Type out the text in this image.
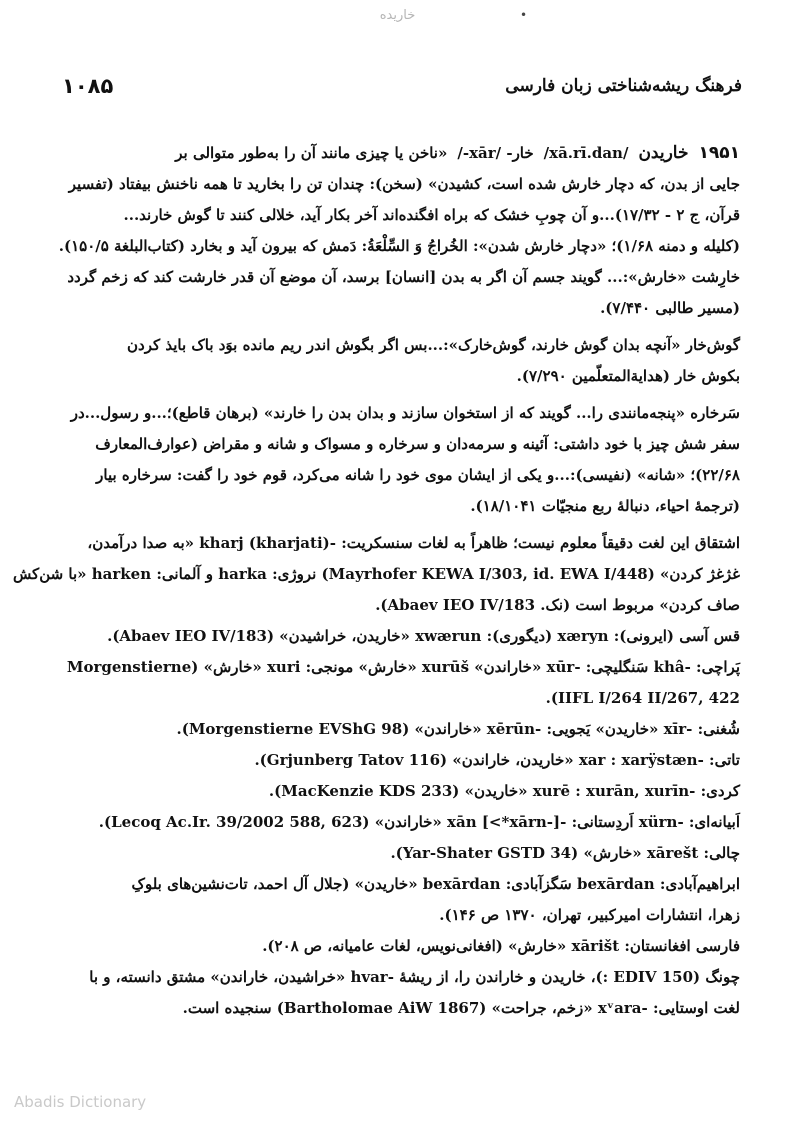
خاریده	•
۱۰۸۵	فرهنگ ریشه‌شناختی زبان فارسی
۱۹۵۱
خاریدن
/xā.rī.dan/
خار- /xār-/
«ناخن یا چیزی مانند آن را به‌طور متوالی بر
جایی از بدن، که دچار خارش شده است، کشیدن» (سخن): چندان تن را بخارید تا همه ناخنش بیفتاد (تفسیر
قرآن، ج ۲ - ۱۷/۳۲)...و آن چوبِ خشک که براه افگنده‌اند آخر بکار آید، خلالی کنند تا گوش خارند...
(کلیله و دمنه ۱/۶۸)؛ «دچار خارش شدن»: الخُراجُ وَ السِّلْعَةُ: دَمش که بیرون آید و بخارد (کتاب‌البلغة ۱۵۰/۵).
خارِشت «خارش»:... گویند جسم آن اگر به بدن [انسان] برسد، آن موضع آن قدر خارشت کند که زخم گردد
(مسیر طالبی ۷/۴۴۰).
گوش‌خار «آنچه بدان گوش خارند، گوش‌خارک»:...بس اگر بگوش اندر ریم مانده بوَد باک بایذ کردن
بکوش خار (هدایة‌المتعلّمین ۷/۲۹۰).
سَرخاره «پنجه‌مانندی را... گویند که از استخوان سازند و بدان بدن را خارند» (برهان قاطع)؛...و رسول...در
سفر شش چیز با خود داشتی: آئینه و سرمه‌دان و سرخاره و مسواک و شانه و مقراض (عوارف‌المعارف
۲۲/۶۸)؛ «شانه» (نفیسی):...و یکی از ایشان موی خود را شانه می‌کرد، قوم خود را گفت: سرخاره بیار
(ترجمهٔ احیاء، دنبالهٔ ربع منجیّات ۱۸/۱۰۴۱).
اشتقاق این لغت دقیقاً معلوم نیست؛ ظاهراً به لغات سنسکریت: -kharj (kharjati) «به صدا درآمدن،
غژغژ کردن» (Mayrhofer KEWA I/303, id. EWA I/448) نروژی: harka و آلمانی: harken «با شن‌کش
صاف کردن» مربوط است (نک. Abaev IEO IV/183).
قس آسی (ایرونی): xæryn (دیگوری): xwærun «خاریدن، خراشیدن» (Abaev IEO IV/183).
پَراچی: -khâ سَنگلیچی: -xūr «خاراندن» xurūš «خارش» مونجی: xuri «خارش» (Morgenstierne
IIFL I/264 II/267, 422).
شُغنی: -xīr «خاریدن» یَجویی: -xērūn «خاراندن» (Morgenstierne EVShG 98).
تاتی: -xar : xarÿstæn «خاریدن، خاراندن» (Grjunberg Tatov 116).
کردی: -xurē : xurān, xurīn «خاریدن» (MacKenzie KDS 233).
اَبیانه‌ای: -xürn اَردِستانی: -xān [<*xārn-] «خاراندن» (Lecoq Ac.Ir. 39/2002 588, 623).
چالی: xārešt «خارش» (Yar-Shater GSTD 34).
ابراهیم‌آبادی: bexārdan سَگزآبادی: bexārdan «خاریدن» (جلال آل احمد، تات‌نشین‌های بلوکِ
زهرا، انتشارات امیرکبیر، تهران، ۱۳۷۰ ص ۱۴۶).
فارسی افغانستان: xārišt «خارش» (افغانی‌نویس، لغات عامیانه، ص ۲۰۸).
چونگ (EDIV 150 :)، خاریدن و خاراندن را، از ریشهٔ -hvar «خراشیدن، خاراندن» مشتق دانسته، و با
لغت اوستایی: -xᵛara «زخم، جراحت» (Bartholomae AiW 1867) سنجیده است.
Abadis Dictionary
